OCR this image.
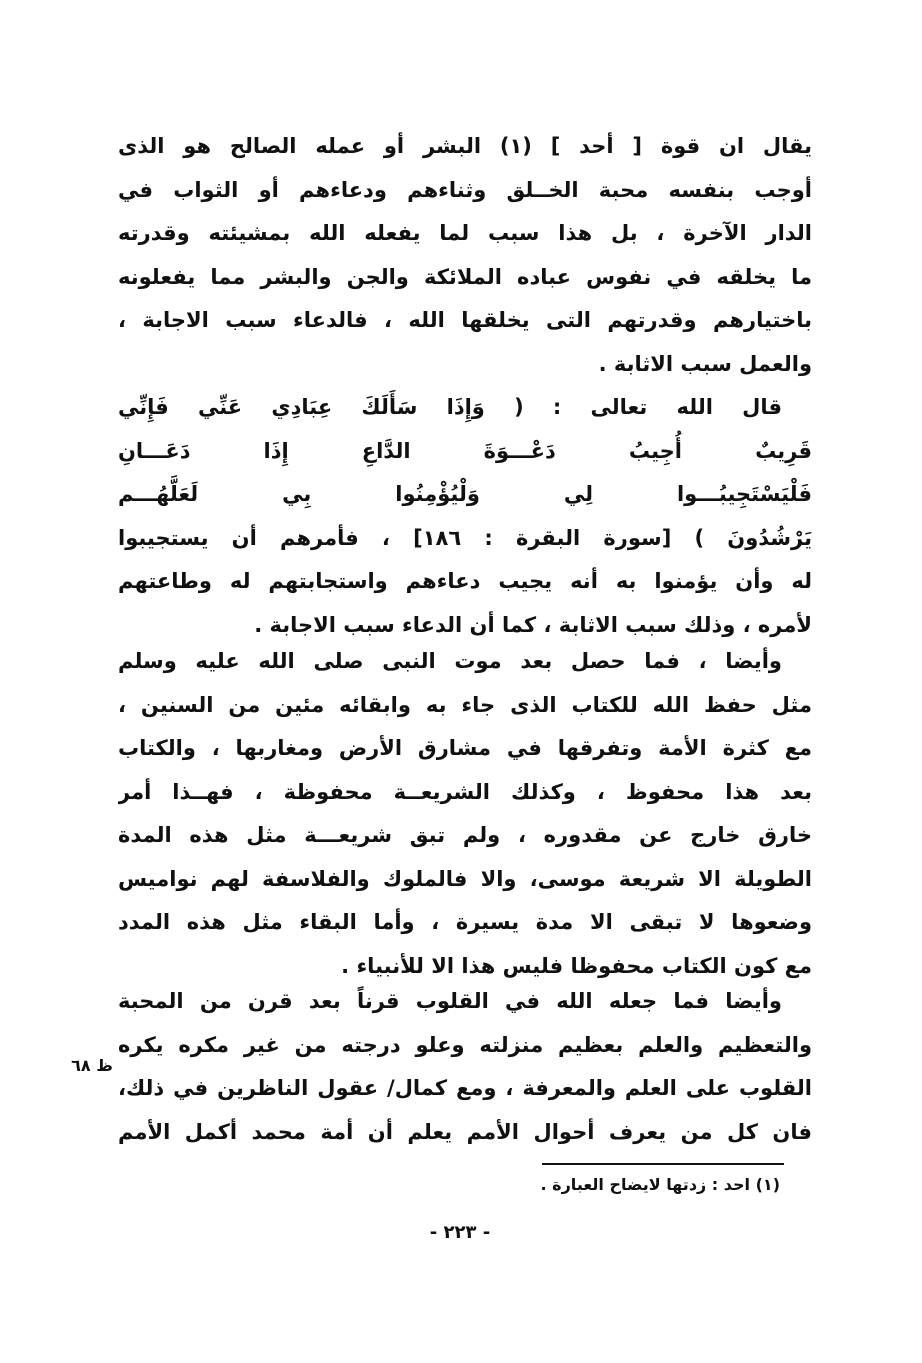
يقال ان قوة [ أحد ] (١) البشر أو عمله الصالح هو الذى
أوجب بنفسه محبة الخــلق وثناءهم ودعاءهم أو الثواب في
الدار الآخرة ، بل هذا سبب لما يفعله الله بمشيئته وقدرته
ما يخلقه في نفوس عباده الملائكة والجن والبشر مما يفعلونه
باختيارهم وقدرتهم التى يخلقها الله ، فالدعاء سبب الاجابة ،
والعمل سبب الاثابة .
قال الله تعالى : ( وَإِذَا سَأَلَكَ عِبَادِي عَنِّي فَإِنِّي
قَرِيبٌ أُجِيبُ دَعْـــوَةَ الدَّاعِ إِذَا دَعَـــانِ
فَلْيَسْتَجِيبُـــوا لِي وَلْيُؤْمِنُوا بِي لَعَلَّهُـــم
يَرْشُدُونَ ) [سورة البقرة : ١٨٦] ، فأمرهم أن يستجيبوا
له وأن يؤمنوا به أنه يجيب دعاءهم واستجابتهم له وطاعتهم
لأمره ، وذلك سبب الاثابة ، كما أن الدعاء سبب الاجابة .
وأيضا ، فما حصل بعد موت النبى صلى الله عليه وسلم
مثل حفظ الله للكتاب الذى جاء به وابقائه مئين من السنين ،
مع كثرة الأمة وتفرقها في مشارق الأرض ومغاربها ، والكتاب
بعد هذا محفوظ ، وكذلك الشريعــة محفوظة ، فهــذا أمر
خارق خارج عن مقدوره ، ولم تبق شريعـــة مثل هذه المدة
الطويلة الا شريعة موسى، والا فالملوك والفلاسفة لهم نواميس
وضعوها لا تبقى الا مدة يسيرة ، وأما البقاء مثل هذه المدد
مع كون الكتاب محفوظا فليس هذا الا للأنبياء .
وأيضا فما جعله الله في القلوب قرناً بعد قرن من المحبة
والتعظيم والعلم بعظيم منزلته وعلو درجته من غير مكره يكره
القلوب على العلم والمعرفة ، ومع كمال/ عقول الناظرين في ذلك،
فان كل من يعرف أحوال الأمم يعلم أن أمة محمد أكمل الأمم
ظ ٦٨
(١) احد : زدتها لايضاح العبارة .
- ٢٢٣ -
